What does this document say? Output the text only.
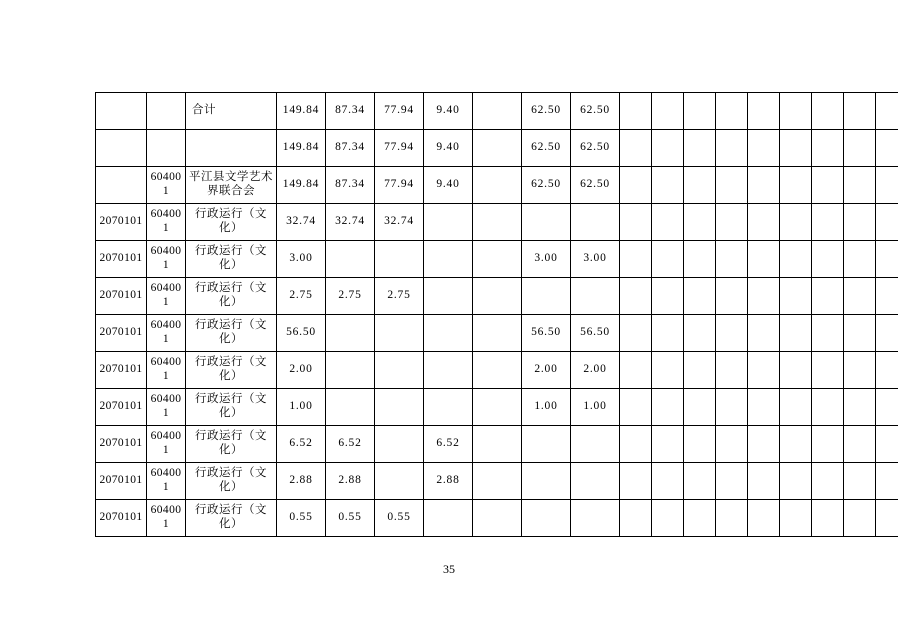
		合计	149.84	87.34	77.94	9.40		62.50	62.50									

			149.84	87.34	77.94	9.40		62.50	62.50									

	604001	平江县文学艺术界联合会	149.84	87.34	77.94	9.40		62.50	62.50									

2070101	604001	行政运行（文化）	32.74	32.74	32.74													

2070101	604001	行政运行（文化）	3.00					3.00	3.00									

2070101	604001	行政运行（文化）	2.75	2.75	2.75													

2070101	604001	行政运行（文化）	56.50					56.50	56.50									

2070101	604001	行政运行（文化）	2.00					2.00	2.00									

2070101	604001	行政运行（文化）	1.00					1.00	1.00									

2070101	604001	行政运行（文化）	6.52	6.52		6.52												

2070101	604001	行政运行（文化）	2.88	2.88		2.88												

2070101	604001	行政运行（文化）	0.55	0.55	0.55													

35
